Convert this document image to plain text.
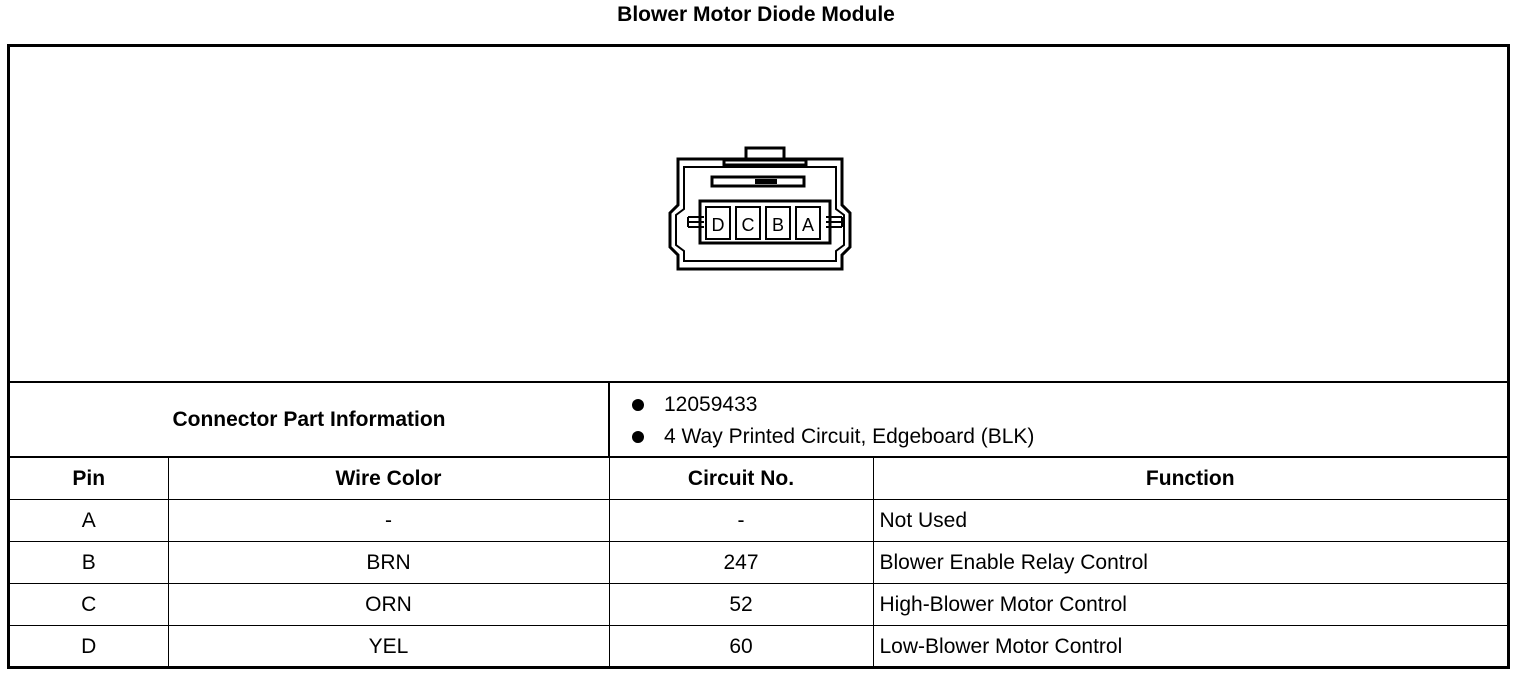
Blower Motor Diode Module
D C B A
Connector Part Information
12059433
4 Way Printed Circuit, Edgeboard (BLK)
Pin	Wire Color	Circuit No.	Function
A	-	-	Not Used
B	BRN	247	Blower Enable Relay Control
C	ORN	52	High-Blower Motor Control
D	YEL	60	Low-Blower Motor Control
